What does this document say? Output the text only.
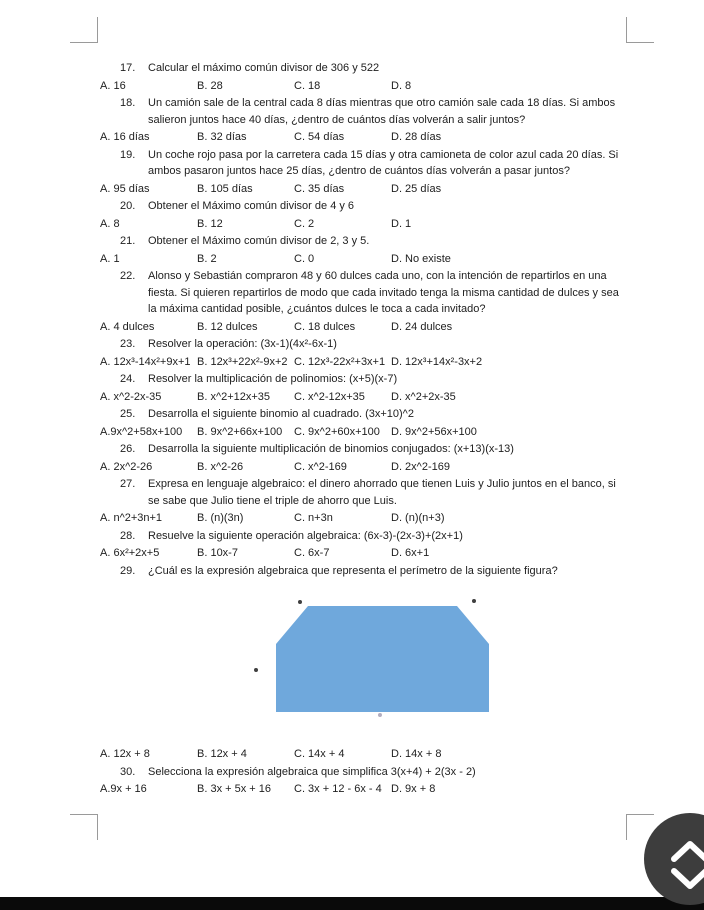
17.	Calcular el máximo común divisor de 306 y 522
A. 16	B. 28	C. 18	D. 8
18.	Un camión sale de la central cada 8 días mientras que otro camión sale cada 18 días. Si ambos salieron juntos hace 40 días, ¿dentro de cuántos días volverán a salir juntos?
A. 16 días	B. 32 días	C. 54 días	D. 28 días
19.	Un coche rojo pasa por la carretera cada 15 días y otra camioneta de color azul cada 20 días. Si ambos pasaron juntos hace 25 días, ¿dentro de cuántos días volverán a pasar juntos?
A. 95 días	B. 105 días	C. 35 días	D. 25 días
20.	Obtener el Máximo común divisor de 4 y 6
A. 8	B. 12	C. 2	D. 1
21.	Obtener el Máximo común divisor de 2, 3 y 5.
A. 1	B. 2	C. 0	D. No existe
22.	Alonso y Sebastián compraron 48 y 60 dulces cada uno, con la intención de repartirlos en una fiesta. Si quieren repartirlos de modo que cada invitado tenga la misma cantidad de dulces y sea la máxima cantidad posible, ¿cuántos dulces le toca a cada invitado?
A. 4 dulces	B. 12 dulces	C. 18 dulces	D. 24 dulces
23.	Resolver la operación: (3x-1)(4x²-6x-1)
A. 12x³-14x²+9x+1 B. 12x³+22x²-9x+2 C. 12x³-22x²+3x+1 D. 12x³+14x²-3x+2
24.	Resolver la multiplicación de polinomios: (x+5)(x-7)
A. x^2-2x-35	B. x^2+12x+35	C. x^2-12x+35	D. x^2+2x-35
25.	Desarrolla el siguiente binomio al cuadrado. (3x+10)^2
A.9x^2+58x+100	B. 9x^2+66x+100	C. 9x^2+60x+100	D. 9x^2+56x+100
26.	Desarrolla la siguiente multiplicación de binomios conjugados: (x+13)(x-13)
A. 2x^2-26	B. x^2-26	C. x^2-169	D. 2x^2-169
27.	Expresa en lenguaje algebraico: el dinero ahorrado que tienen Luis y Julio juntos en el banco, si se sabe que Julio tiene el triple de ahorro que Luis.
A. n^2+3n+1	B. (n)(3n)	C. n+3n	D. (n)(n+3)
28.	Resuelve la siguiente operación algebraica: (6x-3)-(2x-3)+(2x+1)
A. 6x²+2x+5	B. 10x-7	C. 6x-7	D. 6x+1
29.	¿Cuál es la expresión algebraica que representa el perímetro de la siguiente figura?
A. 12x + 8	B. 12x + 4	C. 14x + 4	D. 14x + 8
30.	Selecciona la expresión algebraica que simplifica 3(x+4) + 2(3x - 2)
A.9x + 16	B. 3x + 5x + 16	C. 3x + 12 - 6x - 4 D. 9x + 8
